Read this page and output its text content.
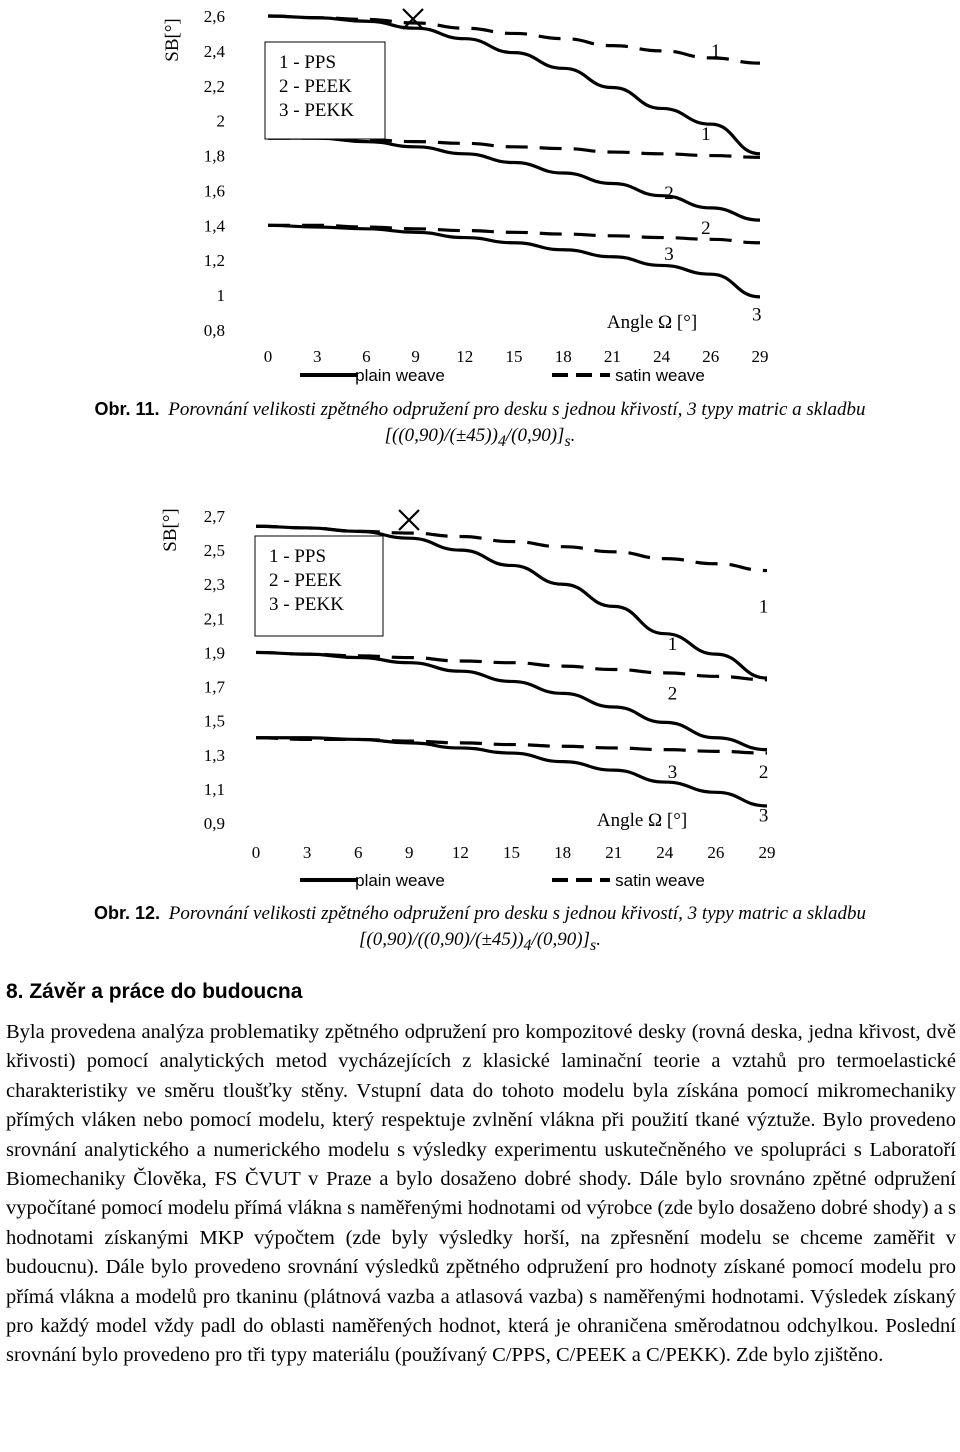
0,8
1
1,2
1,4
1,6
1,8
2
2,2
2,4
2,6
0 3 6 9 12 15 18 21 24 26 29
SB[°]
Angle Ω [°]
1
1
2
2
3
3
1 - PPS
2 - PEEK
3 - PEKK
plain weave	satin weave
Obr. 11. Porovnání velikosti zpětného odpružení pro desku s jednou křivostí, 3 typy matric a skladbu
$[((0,90)/(\pm 45))_4/(0,90)]_s$.
0,9
1,1
1,3
1,5
1,7
1,9
2,1
2,3
2,5
2,7
0	3	6	9 12 15 18 21 24 26 29
SB[°]
Angle Ω [°]
1
1
2
3	2
3
1 - PPS
2 - PEEK
3 - PEKK
plain weave	satin weave
Obr. 12. Porovnání velikosti zpětného odpružení pro desku s jednou křivostí, 3 typy matric a skladbu
$[(0,90)/((0,90)/(\pm 45))_4/(0,90)]_s$.
8. Závěr a práce do budoucna

Byla provedena analýza problematiky zpětného odpružení pro kompozitové desky (rovná deska, jedna křivost, dvě křivosti) pomocí analytických metod vycházejících z klasické laminační teorie a vztahů pro termoelastické charakteristiky ve směru tloušťky stěny. Vstupní data do tohoto modelu byla získána pomocí mikromechaniky přímých vláken nebo pomocí modelu, který respektuje zvlnění vlákna při použití tkané výztuže. Bylo provedeno srovnání analytického a numerického modelu s výsledky experimentu uskutečněného ve spolupráci s Laboratoří Biomechaniky Člověka, FS ČVUT v Praze a bylo dosaženo dobré shody. Dále bylo srovnáno zpětné odpružení vypočítané pomocí modelu přímá vlákna s naměřenými hodnotami od výrobce (zde bylo dosaženo dobré shody) a s hodnotami získanými MKP výpočtem (zde byly výsledky horší, na zpřesnění modelu se chceme zaměřit v budoucnu). Dále bylo provedeno srovnání výsledků zpětného odpružení pro hodnoty získané pomocí modelu pro přímá vlákna a modelů pro tkaninu (plátnová vazba a atlasová vazba) s naměřenými hodnotami. Výsledek získaný pro každý model vždy padl do oblasti naměřených hodnot, která je ohraničena směrodatnou odchylkou. Poslední srovnání bylo provedeno pro tři typy materiálu (používaný C/PPS, C/PEEK a C/PEKK). Zde bylo zjištěno.
